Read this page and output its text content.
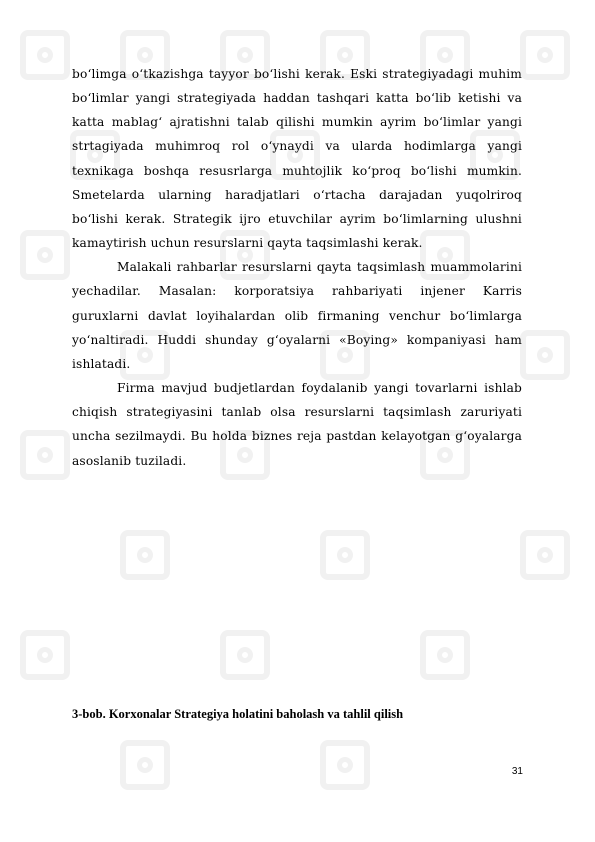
bo‘limga o‘tkazishga tayyor bo‘lishi kerak. Eski strategiyadagi muhim bo‘limlar yangi strategiyada haddan tashqari katta bo‘lib ketishi va katta mablag‘ ajratishni talab qilishi mumkin ayrim bo‘limlar yangi strtagiyada muhimroq rol o‘ynaydi va ularda hodimlarga yangi texnikaga boshqa resusrlarga muhtojlik ko‘proq bo‘lishi mumkin. Smetelarda ularning haradjatlari o‘rtacha darajadan yuqolriroq bo‘lishi kerak. Strategik ijro etuvchilar ayrim bo‘limlarning ulushni kamaytirish uchun resurslarni qayta taqsimlashi kerak.

Malakali rahbarlar resurslarni qayta taqsimlash muammolarini yechadilar. Masalan: korporatsiya rahbariyati injener Karris guruxlarni davlat loyihalardan olib firmaning venchur bo‘limlarga yo‘naltiradi. Huddi shunday g‘oyalarni «Boying» kompaniyasi ham ishlatadi.

Firma mavjud budjetlardan foydalanib yangi tovarlarni ishlab chiqish strategiyasini tanlab olsa resurslarni taqsimlash zaruriyati uncha sezilmaydi. Bu holda biznes reja pastdan kelayotgan g‘oyalarga asoslanib tuziladi.

3-bob. Korxonalar Strategiya holatini baholash va tahlil qilish
31
